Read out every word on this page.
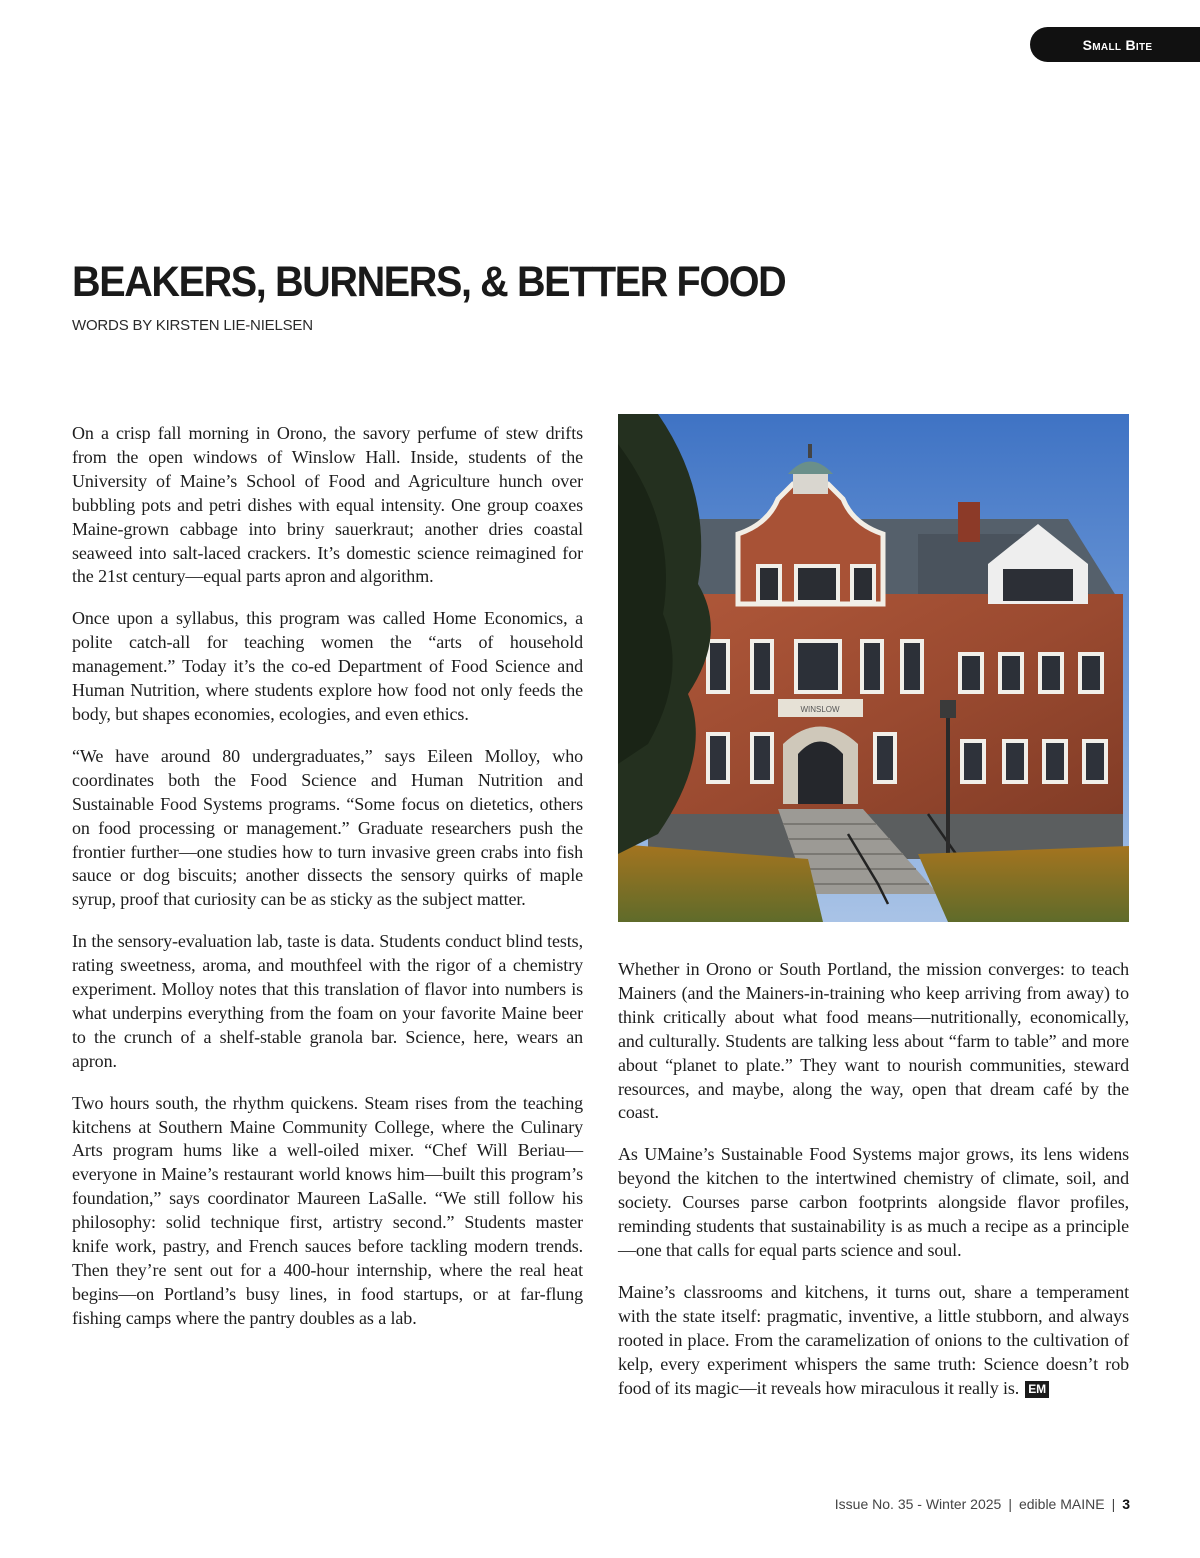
Small Bite
BEAKERS, BURNERS, & BETTER FOOD
WORDS BY KIRSTEN LIE-NIELSEN

On a crisp fall morning in Orono, the savory perfume of stew drifts from the open windows of Winslow Hall. Inside, students of the University of Maine’s School of Food and Agriculture hunch over bubbling pots and petri dishes with equal intensity. One group coaxes Maine-grown cabbage into briny sauerkraut; another dries coastal seaweed into salt-laced crackers. It’s domestic science reimagined for the 21st century—equal parts apron and algorithm.

Once upon a syllabus, this program was called Home Economics, a polite catch-all for teaching women the “arts of household management.” Today it’s the co-ed Department of Food Science and Human Nutrition, where students explore how food not only feeds the body, but shapes economies, ecologies, and even ethics.

“We have around 80 undergraduates,” says Eileen Molloy, who coordinates both the Food Science and Human Nutrition and Sustainable Food Systems programs. “Some focus on dietetics, others on food processing or management.” Graduate researchers push the frontier further—one studies how to turn invasive green crabs into fish sauce or dog biscuits; another dissects the sensory quirks of maple syrup, proof that curiosity can be as sticky as the subject matter.

In the sensory-evaluation lab, taste is data. Students conduct blind tests, rating sweetness, aroma, and mouthfeel with the rigor of a chemistry experiment. Molloy notes that this translation of flavor into numbers is what underpins everything from the foam on your favorite Maine beer to the crunch of a shelf-stable granola bar. Science, here, wears an apron.

Two hours south, the rhythm quickens. Steam rises from the teaching kitchens at Southern Maine Community College, where the Culinary Arts program hums like a well-oiled mixer. “Chef Will Beriau—everyone in Maine’s restaurant world knows him—built this program’s foundation,” says coordinator Maureen LaSalle. “We still follow his philosophy: solid technique first, artistry second.” Students master knife work, pastry, and French sauces before tackling modern trends. Then they’re sent out for a 400-hour internship, where the real heat begins—on Portland’s busy lines, in food startups, or at far-flung fishing camps where the pantry doubles as a lab.

WINSLOW

Whether in Orono or South Portland, the mission converges: to teach Mainers (and the Mainers-in-training who keep arriving from away) to think critically about what food means—nutritionally, economically, and culturally. Students are talking less about “farm to table” and more about “planet to plate.” They want to nourish communities, steward resources, and maybe, along the way, open that dream café by the coast.

As UMaine’s Sustainable Food Systems major grows, its lens widens beyond the kitchen to the intertwined chemistry of climate, soil, and society. Courses parse carbon footprints alongside flavor profiles, reminding students that sustainability is as much a recipe as a principle—one that calls for equal parts science and soul.

Maine’s classrooms and kitchens, it turns out, share a temperament with the state itself: pragmatic, inventive, a little stubborn, and always rooted in place. From the caramelization of onions to the cultivation of kelp, every experiment whispers the same truth: Science doesn’t rob food of its magic—it reveals how miraculous it really is. EM

Issue No. 35 - Winter 2025 | edible MAINE | 3
